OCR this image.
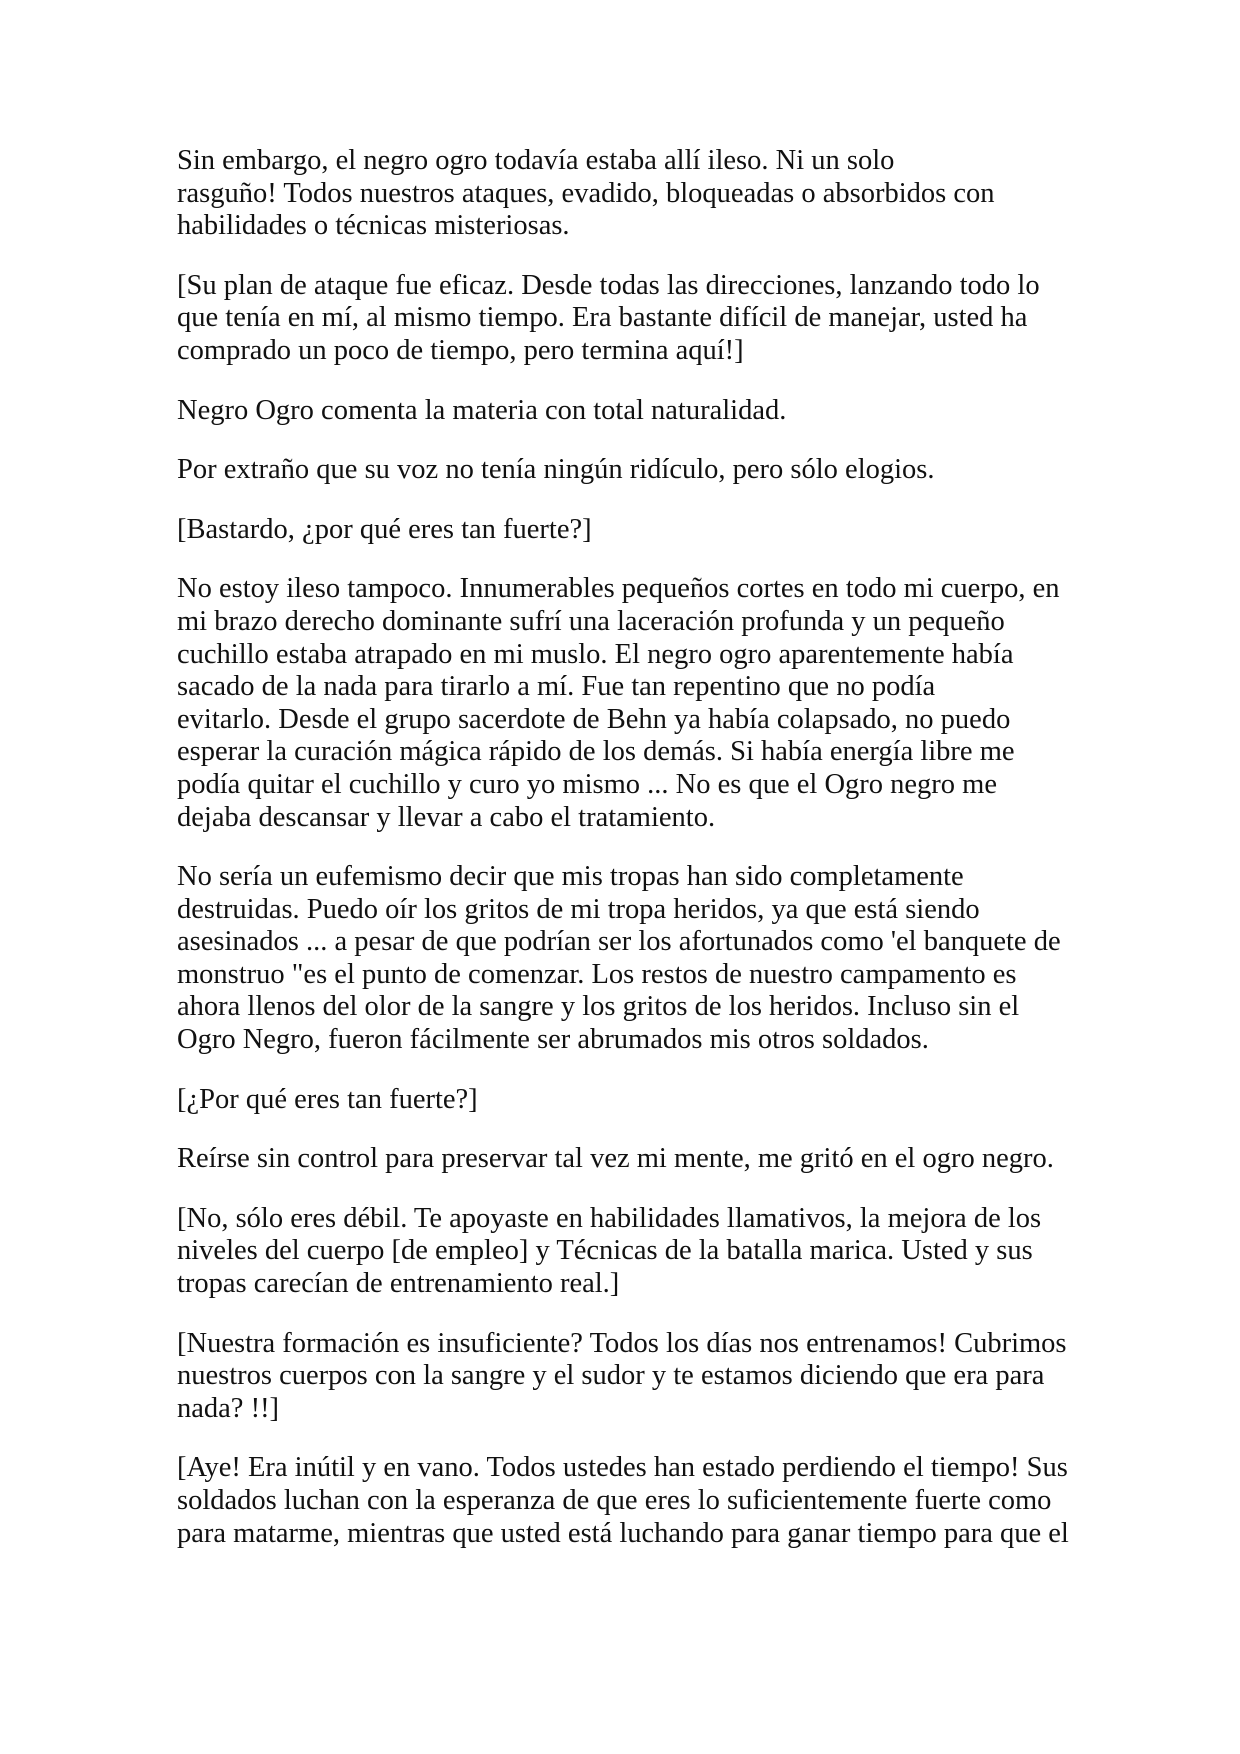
Sin embargo, el negro ogro todavía estaba allí ileso. Ni un solo
rasguño! Todos nuestros ataques, evadido, bloqueadas o absorbidos con
habilidades o técnicas misteriosas.

[Su plan de ataque fue eficaz. Desde todas las direcciones, lanzando todo lo
que tenía en mí, al mismo tiempo. Era bastante difícil de manejar, usted ha
comprado un poco de tiempo, pero termina aquí!]

Negro Ogro comenta la materia con total naturalidad.

Por extraño que su voz no tenía ningún ridículo, pero sólo elogios.

[Bastardo, ¿por qué eres tan fuerte?]

No estoy ileso tampoco. Innumerables pequeños cortes en todo mi cuerpo, en
mi brazo derecho dominante sufrí una laceración profunda y un pequeño
cuchillo estaba atrapado en mi muslo. El negro ogro aparentemente había
sacado de la nada para tirarlo a mí. Fue tan repentino que no podía
evitarlo. Desde el grupo sacerdote de Behn ya había colapsado, no puedo
esperar la curación mágica rápido de los demás. Si había energía libre me
podía quitar el cuchillo y curo yo mismo ... No es que el Ogro negro me
dejaba descansar y llevar a cabo el tratamiento.

No sería un eufemismo decir que mis tropas han sido completamente
destruidas. Puedo oír los gritos de mi tropa heridos, ya que está siendo
asesinados ... a pesar de que podrían ser los afortunados como 'el banquete de
monstruo "es el punto de comenzar. Los restos de nuestro campamento es
ahora llenos del olor de la sangre y los gritos de los heridos. Incluso sin el
Ogro Negro, fueron fácilmente ser abrumados mis otros soldados.

[¿Por qué eres tan fuerte?]

Reírse sin control para preservar tal vez mi mente, me gritó en el ogro negro.

[No, sólo eres débil. Te apoyaste en habilidades llamativos, la mejora de los
niveles del cuerpo [de empleo] y Técnicas de la batalla marica. Usted y sus
tropas carecían de entrenamiento real.]

[Nuestra formación es insuficiente? Todos los días nos entrenamos! Cubrimos
nuestros cuerpos con la sangre y el sudor y te estamos diciendo que era para
nada? !!]

[Aye! Era inútil y en vano. Todos ustedes han estado perdiendo el tiempo! Sus
soldados luchan con la esperanza de que eres lo suficientemente fuerte como
para matarme, mientras que usted está luchando para ganar tiempo para que el
